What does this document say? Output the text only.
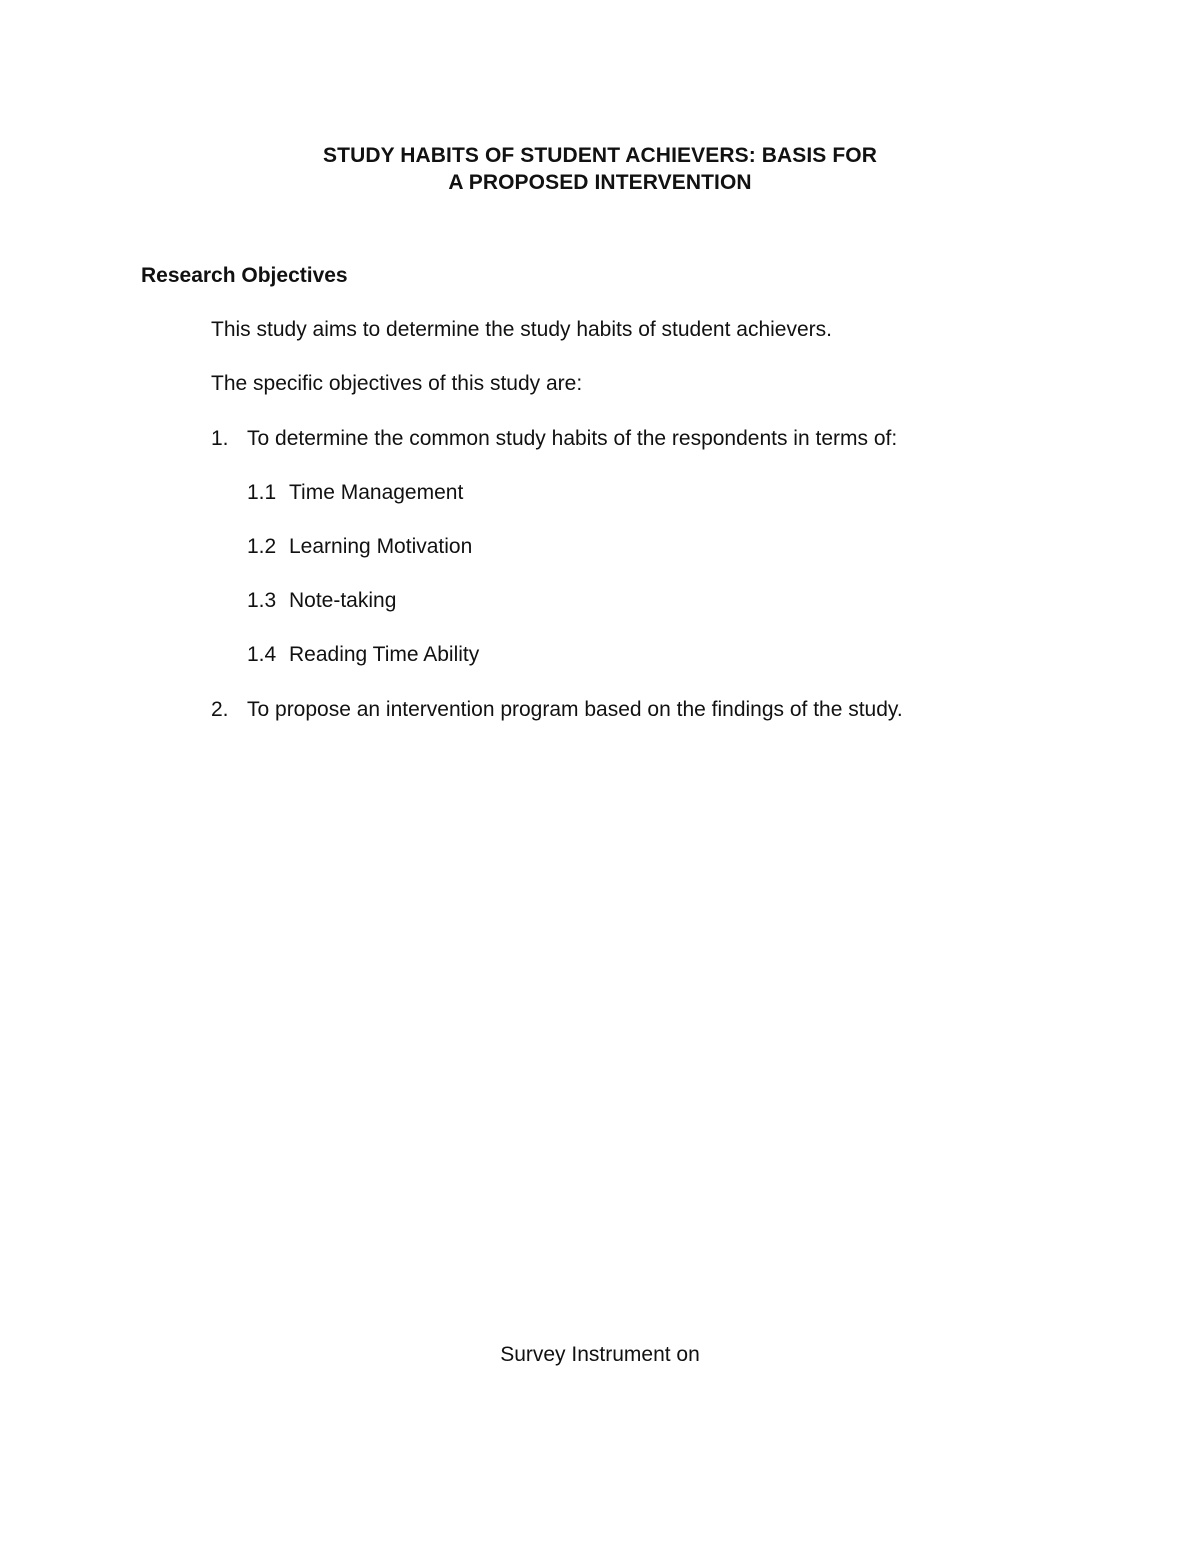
STUDY HABITS OF STUDENT ACHIEVERS: BASIS FOR
A PROPOSED INTERVENTION
Research Objectives
This study aims to determine the study habits of student achievers.
The specific objectives of this study are:
1. To determine the common study habits of the respondents in terms of:
1.1 Time Management
1.2 Learning Motivation
1.3 Note-taking
1.4 Reading Time Ability
2. To propose an intervention program based on the findings of the study.
Survey Instrument on
